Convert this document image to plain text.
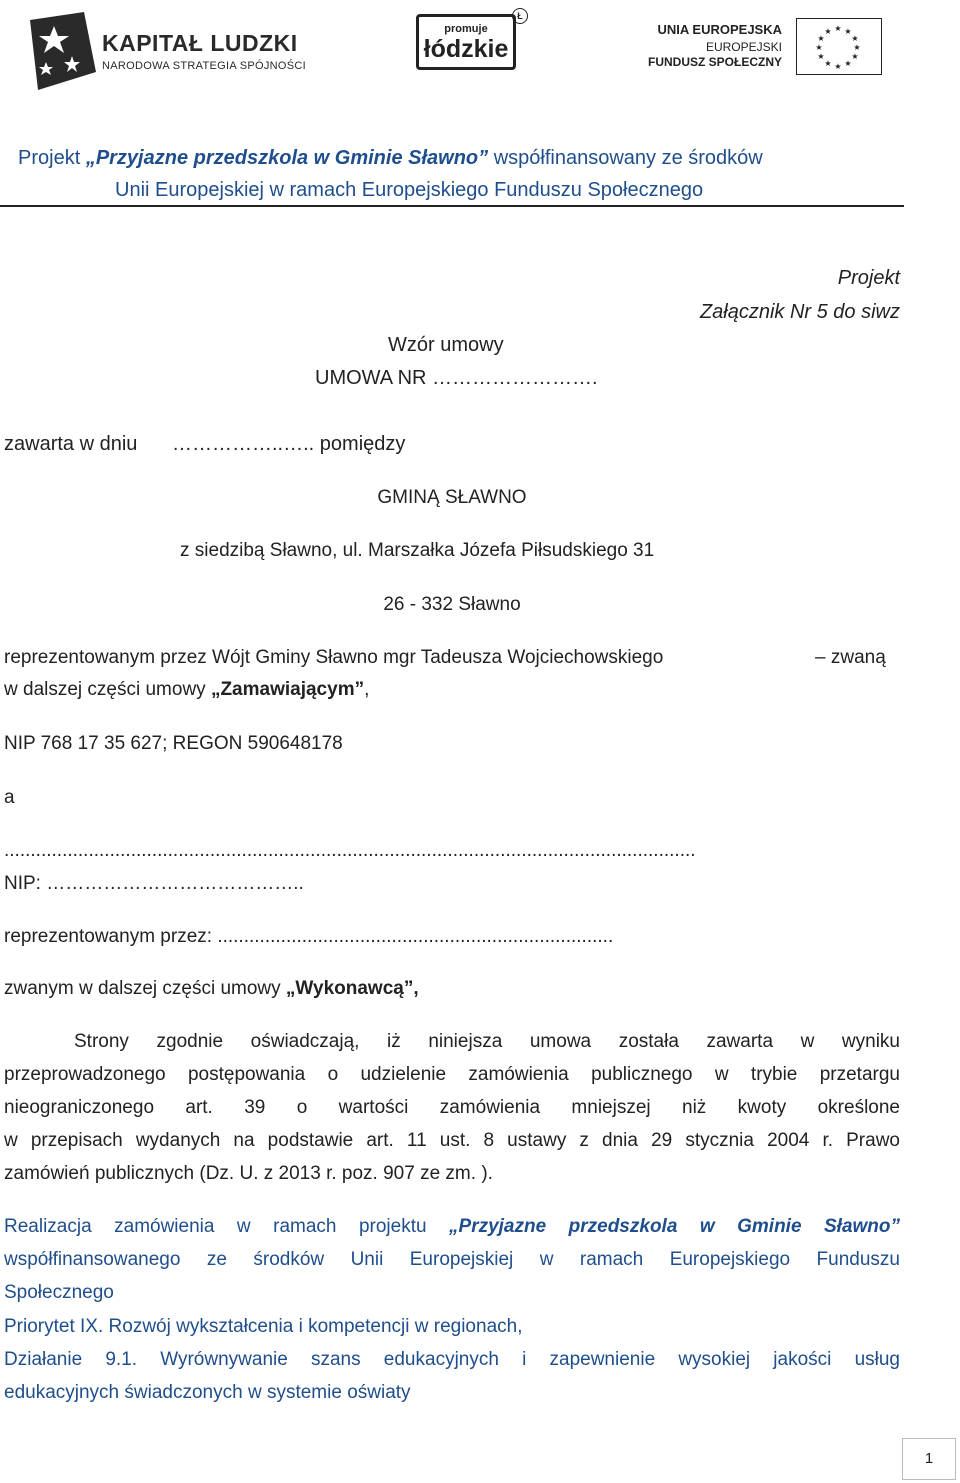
KAPITAŁ LUDZKI
NARODOWA STRATEGIA SPÓJNOŚCI
promuje
łódzkie
Ł
UNIA EUROPEJSKA
EUROPEJSKI
FUNDUSZ SPOŁECZNY
★ ★
★
★
★
★
★
★
★
★
★
★
Projekt „Przyjazne przedszkola w Gminie Sławno” współfinansowany ze środków
Unii Europejskiej w ramach Europejskiego Funduszu Społecznego
Projekt
Załącznik Nr 5 do siwz
Wzór umowy
UMOWA NR …………………….
zawarta w dniu ……………..….. pomiędzy
GMINĄ SŁAWNO
z siedzibą Sławno, ul. Marszałka Józefa Piłsudskiego 31
26 - 332 Sławno
reprezentowanym przez Wójt Gminy Sławno mgr Tadeusza Wojciechowskiego	– zwaną
w dalszej części umowy „Zamawiającym”,
NIP 768 17 35 627; REGON 590648178
a
...................................................................................................................................
NIP: …………………………………..
reprezentowanym przez: ...........................................................................
zwanym w dalszej części umowy „Wykonawcą”,
Strony zgodnie oświadczają, iż niniejsza umowa została zawarta w wyniku
przeprowadzonego postępowania o udzielenie zamówienia publicznego w trybie przetargu
nieograniczonego art. 39 o wartości zamówienia mniejszej niż kwoty określone
w przepisach wydanych na podstawie art. 11 ust. 8 ustawy z dnia 29 stycznia 2004 r. Prawo
zamówień publicznych (Dz. U. z 2013 r. poz. 907 ze zm. ).
Realizacja zamówienia w ramach projektu „Przyjazne przedszkola w Gminie Sławno”
współfinansowanego ze środków Unii Europejskiej w ramach Europejskiego Funduszu
Społecznego
Priorytet IX. Rozwój wykształcenia i kompetencji w regionach,
Działanie 9.1. Wyrównywanie szans edukacyjnych i zapewnienie wysokiej jakości usług
edukacyjnych świadczonych w systemie oświaty
1
